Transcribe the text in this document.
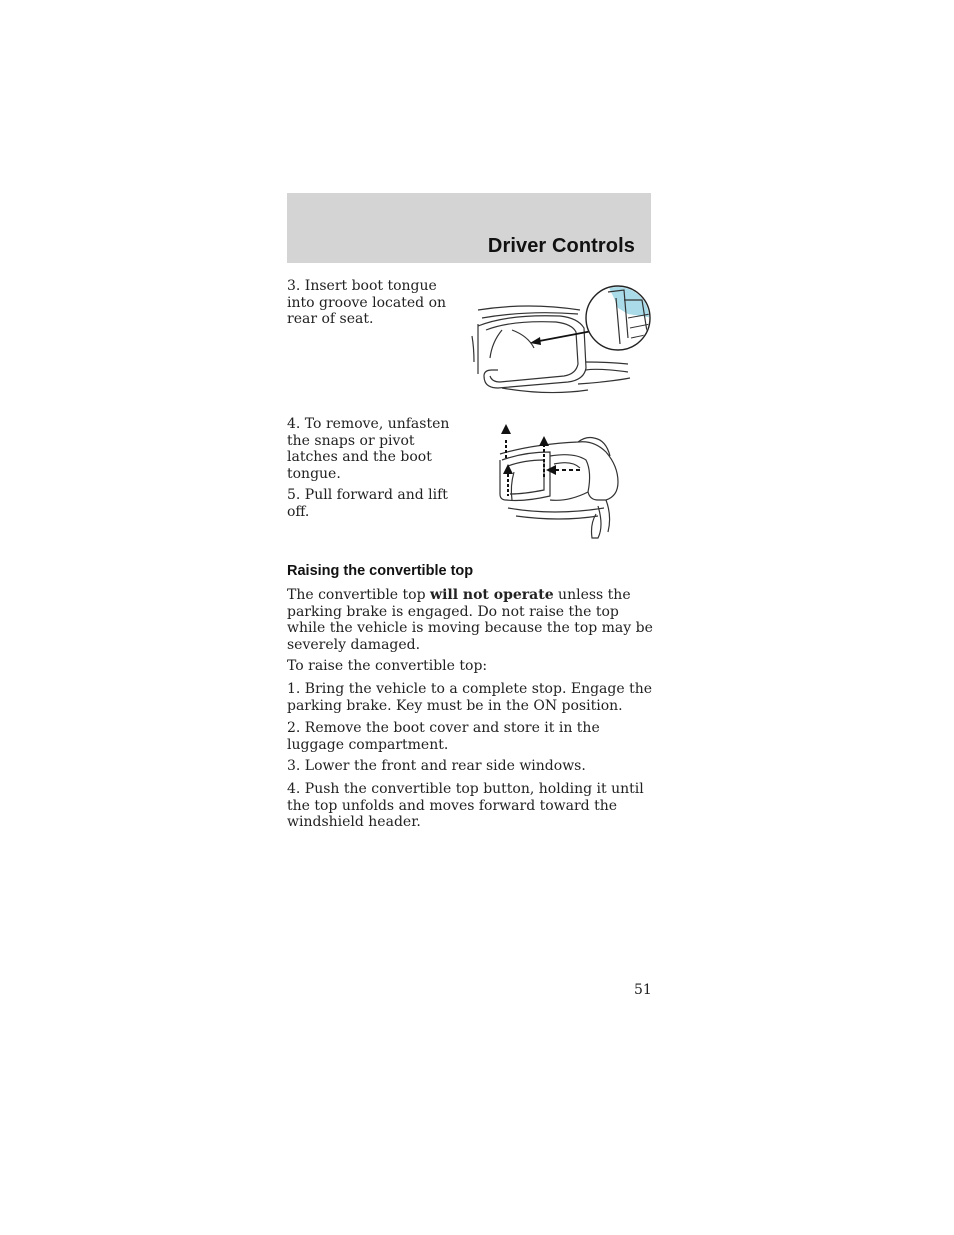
Driver Controls

3. Insert boot tongue into groove located on rear of seat.

4. To remove, unfasten the snaps or pivot latches and the boot tongue.

5. Pull forward and lift off.

Raising the convertible top

The convertible top will not operate unless the parking brake is engaged. Do not raise the top while the vehicle is moving because the top may be severely damaged.

To raise the convertible top:

1. Bring the vehicle to a complete stop. Engage the parking brake. Key must be in the ON position.

2. Remove the boot cover and store it in the luggage compartment.

3. Lower the front and rear side windows.

4. Push the convertible top button, holding it until the top unfolds and moves forward toward the windshield header.

51
